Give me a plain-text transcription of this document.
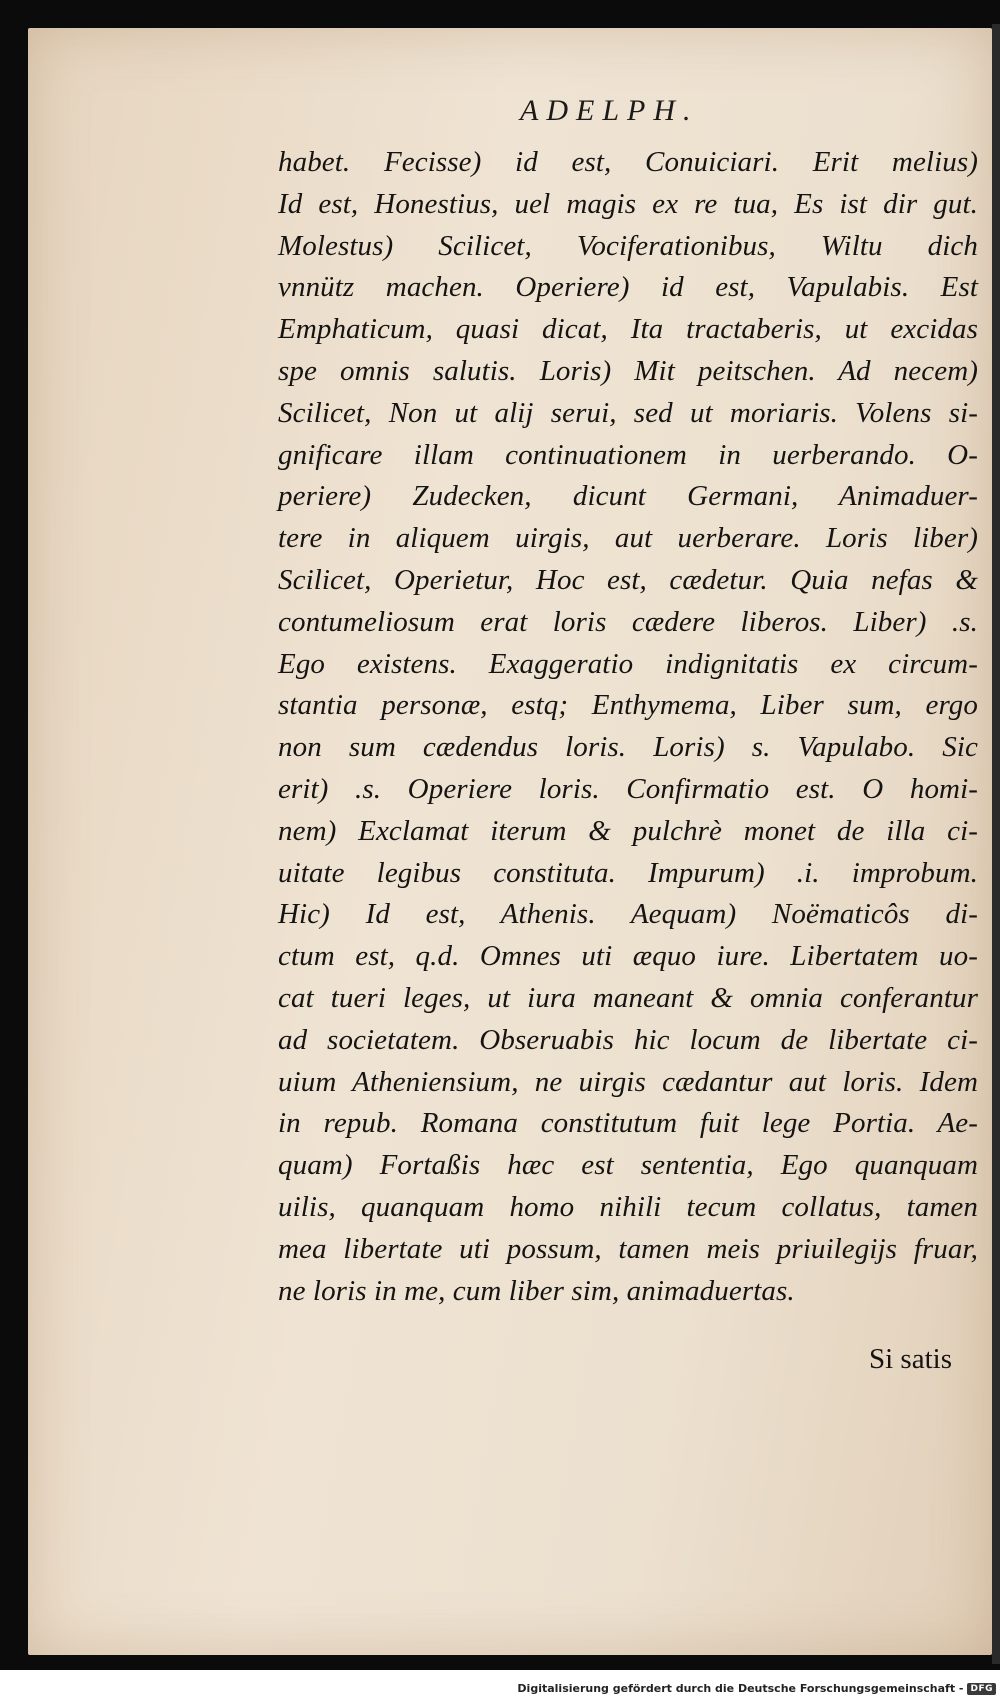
ADELPH.
habet. Fecisse) id est, Conuiciari. Erit melius)
Id est, Honestius, uel magis ex re tua, Es ist dir gut.
Molestus) Scilicet, Vociferationibus, Wiltu dich
vnnütz machen. Operiere) id est, Vapulabis. Est
Emphaticum, quasi dicat, Ita tractaberis, ut excidas
spe omnis salutis. Loris) Mit peitschen. Ad necem)
Scilicet, Non ut alij serui, sed ut moriaris. Volens si-
gnificare illam continuationem in uerberando. O-
periere) Zudecken, dicunt Germani, Animaduer-
tere in aliquem uirgis, aut uerberare. Loris liber)
Scilicet, Operietur, Hoc est, cædetur. Quia nefas &
contumeliosum erat loris cædere liberos. Liber) .s.
Ego existens. Exaggeratio indignitatis ex circum-
stantia personæ, estq; Enthymema, Liber sum, ergo
non sum cædendus loris. Loris) s. Vapulabo. Sic
erit) .s. Operiere loris. Confirmatio est. O homi-
nem) Exclamat iterum & pulchrè monet de illa ci-
uitate legibus constituta. Impurum) .i. improbum.
Hic) Id est, Athenis. Aequam) Noëmaticôs di-
ctum est, q.d. Omnes uti æquo iure. Libertatem uo-
cat tueri leges, ut iura maneant & omnia conferantur
ad societatem. Obseruabis hic locum de libertate ci-
uium Atheniensium, ne uirgis cædantur aut loris. Idem
in repub. Romana constitutum fuit lege Portia. Ae-
quam) Fortaßis hæc est sententia, Ego quanquam
uilis, quanquam homo nihili tecum collatus, tamen
mea libertate uti possum, tamen meis priuilegijs fruar,
ne loris in me, cum liber sim, animaduertas.
Si satis
Digitalisierung gefördert durch die Deutsche Forschungsgemeinschaft - DFG
